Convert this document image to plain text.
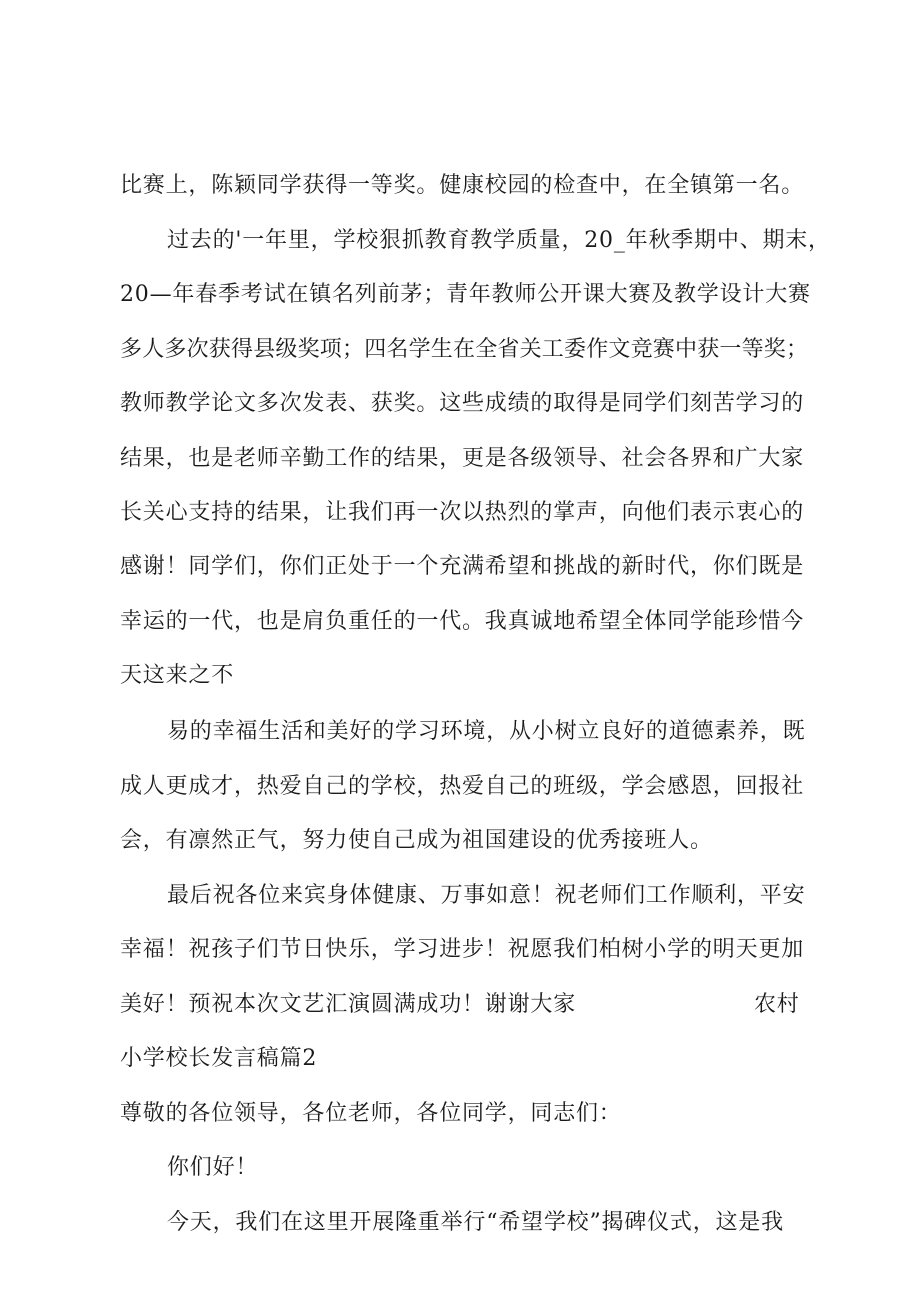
比赛上，陈颖同学获得一等奖。健康校园的检查中，在全镇第一名。
过去的'一年里，学校狠抓教育教学质量，20_年秋季期中、期末，
20—年春季考试在镇名列前茅；青年教师公开课大赛及教学设计大赛
多人多次获得县级奖项；四名学生在全省关工委作文竞赛中获一等奖；
教师教学论文多次发表、获奖。这些成绩的取得是同学们刻苦学习的
结果，也是老师辛勤工作的结果，更是各级领导、社会各界和广大家
长关心支持的结果，让我们再一次以热烈的掌声，向他们表示衷心的
感谢！同学们，你们正处于一个充满希望和挑战的新时代，你们既是
幸运的一代，也是肩负重任的一代。我真诚地希望全体同学能珍惜今
天这来之不
易的幸福生活和美好的学习环境，从小树立良好的道德素养，既
成人更成才，热爱自己的学校，热爱自己的班级，学会感恩，回报社
会，有凛然正气，努力使自己成为祖国建设的优秀接班人。
最后祝各位来宾身体健康、万事如意！祝老师们工作顺利，平安
幸福！祝孩子们节日快乐，学习进步！祝愿我们柏树小学的明天更加
美好！预祝本次文艺汇演圆满成功！谢谢大家	农村
小学校长发言稿篇2
尊敬的各位领导，各位老师，各位同学，同志们：
你们好！
今天，我们在这里开展隆重举行“希望学校”揭碑仪式，这是我
